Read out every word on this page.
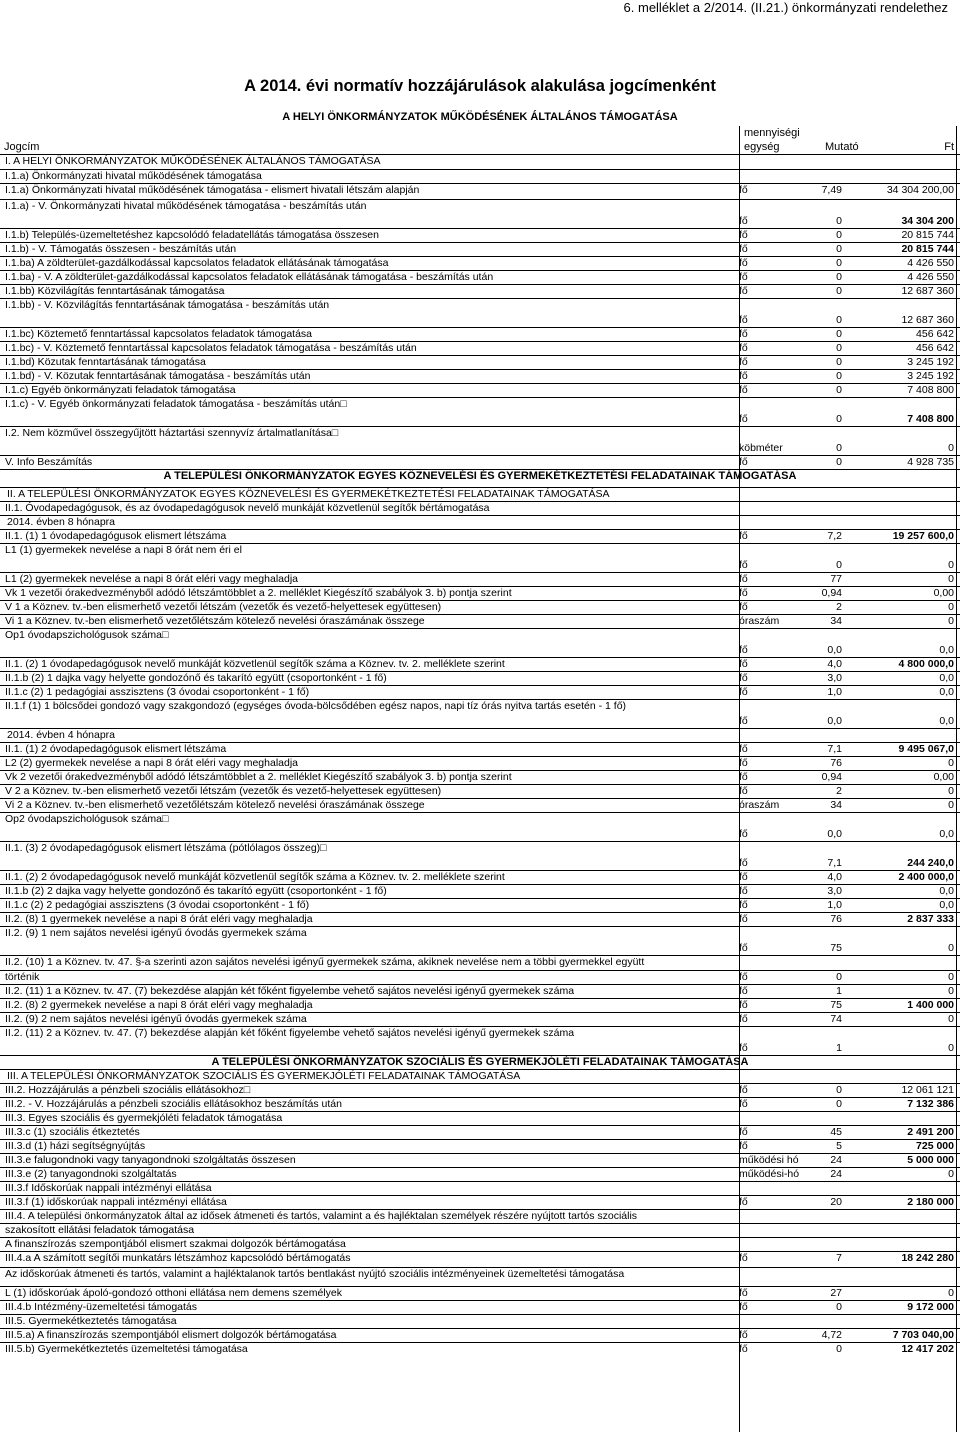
6. melléklet a 2/2014. (II.21.) önkormányzati rendelethez
A 2014. évi normatív hozzájárulások alakulása jogcímenként
A HELYI ÖNKORMÁNYZATOK MŰKÖDÉSÉNEK ÁLTALÁNOS TÁMOGATÁSA
Jogcím
mennyiségi
egység	Mutató	Ft
I. A HELYI ÖNKORMÁNYZATOK MŰKÖDÉSÉNEK ÁLTALÁNOS TÁMOGATÁSA
I.1.a) Önkormányzati hivatal működésének támogatása
I.1.a) Önkormányzati hivatal működésének támogatása - elismert hivatali létszám alapján	fő	7,49	34 304 200,00
I.1.a) - V. Önkormányzati hivatal működésének támogatása - beszámítás után
fő	0	34 304 200
I.1.b) Település-üzemeltetéshez kapcsolódó feladatellátás támogatása összesen	fő	0	20 815 744
I.1.b) - V. Támogatás összesen - beszámítás után	fő	0	20 815 744
I.1.ba) A zöldterület-gazdálkodással kapcsolatos feladatok ellátásának támogatása	fő	0	4 426 550
I.1.ba) - V. A zöldterület-gazdálkodással kapcsolatos feladatok ellátásának támogatása - beszámítás után	fő	0	4 426 550
I.1.bb) Közvilágítás fenntartásának támogatása	fő	0	12 687 360
I.1.bb) - V. Közvilágítás fenntartásának támogatása - beszámítás után
fő	0	12 687 360
I.1.bc) Köztemető fenntartással kapcsolatos feladatok támogatása	fő	0	456 642
I.1.bc) - V. Köztemető fenntartással kapcsolatos feladatok támogatása - beszámítás után	fő	0	456 642
I.1.bd) Közutak fenntartásának támogatása	fő	0	3 245 192
I.1.bd) - V. Közutak fenntartásának támogatása - beszámítás után	fő	0	3 245 192
I.1.c) Egyéb önkormányzati feladatok támogatása	fő	0	7 408 800
I.1.c) - V. Egyéb önkormányzati feladatok támogatása - beszámítás után□
fő	0	7 408 800
I.2. Nem közművel összegyűjtött háztartási szennyvíz ártalmatlanítása□
köbméter	0	0
V. Info Beszámítás	fő	0	4 928 735
A TELEPÜLÉSI ÖNKORMÁNYZATOK EGYES KÖZNEVELÉSI ÉS GYERMEKÉTKEZTETÉSI FELADATAINAK TÁMOGATÁSA
II. A TELEPÜLÉSI ÖNKORMÁNYZATOK EGYES KÖZNEVELÉSI ÉS GYERMEKÉTKEZTETÉSI FELADATAINAK TÁMOGATÁSA
II.1. Óvodapedagógusok, és az óvodapedagógusok nevelő munkáját közvetlenül segítők bértámogatása
2014. évben 8 hónapra
II.1. (1) 1 óvodapedagógusok elismert létszáma	fő	7,2	19 257 600,0
L1 (1) gyermekek nevelése a napi 8 órát nem éri el
fő	0	0
L1 (2) gyermekek nevelése a napi 8 órát eléri vagy meghaladja	fő	77	0
Vk 1 vezetői órakedvezményből adódó létszámtöbblet a 2. melléklet Kiegészítő szabályok 3. b) pontja szerint	fő	0,94	0,00
V 1 a Köznev. tv.-ben elismerhető vezetői létszám (vezetők és vezető-helyettesek együttesen)	fő	2	0
Vi 1 a Köznev. tv.-ben elismerhető vezetőlétszám kötelező nevelési óraszámának összege	óraszám	34	0
Op1 óvodapszichológusok száma□
fő	0,0	0,0
II.1. (2) 1 óvodapedagógusok nevelő munkáját közvetlenül segítők száma a Köznev. tv. 2. melléklete szerint	fő	4,0	4 800 000,0
II.1.b (2) 1 dajka vagy helyette gondozónő és takarító együtt (csoportonként - 1 fő)	fő	3,0	0,0
II.1.c (2) 1 pedagógiai asszisztens (3 óvodai csoportonként - 1 fő)	fő	1,0	0,0
II.1.f (1) 1 bölcsődei gondozó vagy szakgondozó (egységes óvoda-bölcsődében egész napos, napi tíz órás nyitva tartás esetén - 1 fő)
fő	0,0	0,0
2014. évben 4 hónapra
II.1. (1) 2 óvodapedagógusok elismert létszáma	fő	7,1	9 495 067,0
L2 (2) gyermekek nevelése a napi 8 órát eléri vagy meghaladja	fő	76	0
Vk 2 vezetői órakedvezményből adódó létszámtöbblet a 2. melléklet Kiegészítő szabályok 3. b) pontja szerint	fő	0,94	0,00
V 2 a Köznev. tv.-ben elismerhető vezetői létszám (vezetők és vezető-helyettesek együttesen)	fő	2	0
Vi 2 a Köznev. tv.-ben elismerhető vezetőlétszám kötelező nevelési óraszámának összege	óraszám	34	0
Op2 óvodapszichológusok száma□
fő	0,0	0,0
II.1. (3) 2 óvodapedagógusok elismert létszáma (pótlólagos összeg)□
fő	7,1	244 240,0
II.1. (2) 2 óvodapedagógusok nevelő munkáját közvetlenül segítők száma a Köznev. tv. 2. melléklete szerint	fő	4,0	2 400 000,0
II.1.b (2) 2 dajka vagy helyette gondozónő és takarító együtt (csoportonként - 1 fő)	fő	3,0	0,0
II.1.c (2) 2 pedagógiai asszisztens (3 óvodai csoportonként - 1 fő)	fő	1,0	0,0
II.2. (8) 1 gyermekek nevelése a napi 8 órát eléri vagy meghaladja	fő	76	2 837 333
II.2. (9) 1 nem sajátos nevelési igényű óvodás gyermekek száma
fő	75	0
II.2. (10) 1 a Köznev. tv. 47. §-a szerinti azon sajátos nevelési igényű gyermekek száma, akiknek nevelése nem a többi gyermekkel együtt
történik	fő	0	0
II.2. (11) 1 a Köznev. tv. 47. (7) bekezdése alapján két főként figyelembe vehető sajátos nevelési igényű gyermekek száma	fő	1	0
II.2. (8) 2 gyermekek nevelése a napi 8 órát eléri vagy meghaladja	fő	75	1 400 000
II.2. (9) 2 nem sajátos nevelési igényű óvodás gyermekek száma	fő	74	0
II.2. (11) 2 a Köznev. tv. 47. (7) bekezdése alapján két főként figyelembe vehető sajátos nevelési igényű gyermekek száma
fő	1	0
A TELEPÜLÉSI ÖNKORMÁNYZATOK SZOCIÁLIS ÉS GYERMEKJÓLÉTI FELADATAINAK TÁMOGATÁSA
III. A TELEPÜLÉSI ÖNKORMÁNYZATOK SZOCIÁLIS ÉS GYERMEKJÓLÉTI FELADATAINAK TÁMOGATÁSA
III.2. Hozzájárulás a pénzbeli szociális ellátásokhoz□	fő	0	12 061 121
III.2. - V. Hozzájárulás a pénzbeli szociális ellátásokhoz beszámítás után	fő	0	7 132 386
III.3. Egyes szociális és gyermekjóléti feladatok támogatása
III.3.c (1) szociális étkeztetés	fő	45	2 491 200
III.3.d (1) házi segítségnyújtás	fő	5	725 000
III.3.e falugondnoki vagy tanyagondnoki szolgáltatás összesen	működési hó	24	5 000 000
III.3.e (2) tanyagondnoki szolgáltatás	működési-hó	24	0
III.3.f Időskorúak nappali intézményi ellátása
III.3.f (1) időskorúak nappali intézményi ellátása	fő	20	2 180 000
III.4. A települési önkormányzatok által az idősek átmeneti és tartós, valamint a és hajléktalan személyek részére nyújtott tartós szociális
szakosított ellátási feladatok támogatása
A finanszírozás szempontjából elismert szakmai dolgozók bértámogatása
III.4.a A számított segítői munkatárs létszámhoz kapcsolódó bértámogatás	fő	7	18 242 280
Az időskorúak átmeneti és tartós, valamint a hajléktalanok tartós bentlakást nyújtó szociális intézményeinek üzemeltetési támogatása
L (1) időskorúak ápoló-gondozó otthoni ellátása nem demens személyek	fő	27	0
III.4.b Intézmény-üzemeltetési támogatás	fő	0	9 172 000
III.5. Gyermekétkeztetés támogatása
III.5.a) A finanszírozás szempontjából elismert dolgozók bértámogatása	fő	4,72	7 703 040,00
III.5.b) Gyermekétkeztetés üzemeltetési támogatása	fő	0	12 417 202
